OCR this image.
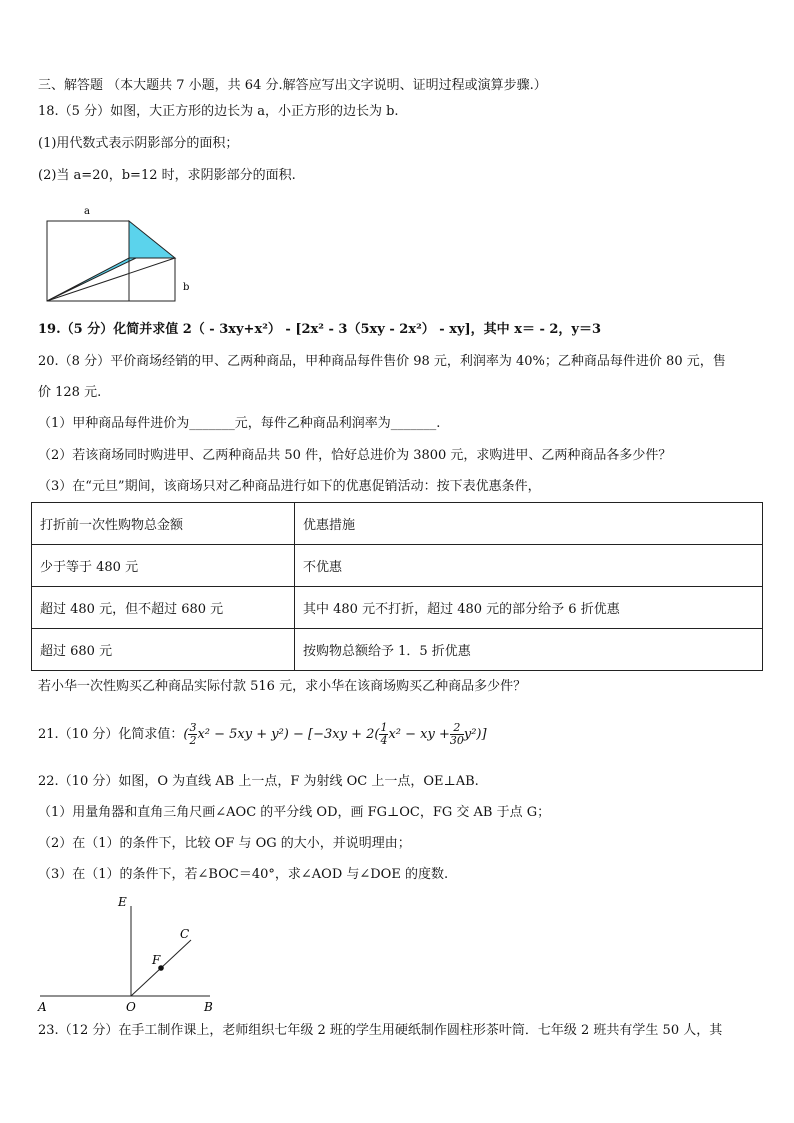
三、解答题 （本大题共 7 小题，共 64 分.解答应写出文字说明、证明过程或演算步骤.）
18.（5 分）如图，大正方形的边长为 a，小正方形的边长为 b.
(1)用代数式表示阴影部分的面积；
(2)当 a=20，b=12 时，求阴影部分的面积.
a
b
19.（5 分）化简并求值 2（ - 3xy+x²） - [2x² - 3（5xy - 2x²） - xy]，其中 x＝ - 2，y＝3
20.（8 分）平价商场经销的甲、乙两种商品，甲种商品每件售价 98 元，利润率为 40%；乙种商品每件进价 80 元，售
价 128 元.
（1）甲种商品每件进价为_______元，每件乙种商品利润率为_______.
（2）若该商场同时购进甲、乙两种商品共 50 件，恰好总进价为 3800 元，求购进甲、乙两种商品各多少件？
（3）在“元旦”期间，该商场只对乙种商品进行如下的优惠促销活动：按下表优惠条件，
打折前一次性购物总金额	优惠措施
少于等于 480 元	不优惠
超过 480 元，但不超过 680 元	其中 480 元不打折，超过 480 元的部分给予 6 折优惠
超过 680 元	按购物总额给予 1．5 折优惠
若小华一次性购买乙种商品实际付款 516 元，求小华在该商场购买乙种商品多少件？
21.（10 分）化简求值：( $\frac{3}{2} x^2 - 5xy + y^2) - [-3xy + 2( \frac{1}{4} x^2$ − xy + $\frac{2}{30} y^2$)]
22.（10 分）如图，O 为直线 AB 上一点，F 为射线 OC 上一点，OE⊥AB.
（1）用量角器和直角三角尺画∠AOC 的平分线 OD，画 FG⊥OC，FG 交 AB 于点 G；
（2）在（1）的条件下，比较 OF 与 OG 的大小，并说明理由；
（3）在（1）的条件下，若∠BOC＝40°，求∠AOD 与∠DOE 的度数.
E
C
F
A	O	B
23.（12 分）在手工制作课上，老师组织七年级 2 班的学生用硬纸制作圆柱形茶叶筒．七年级 2 班共有学生 50 人，其
